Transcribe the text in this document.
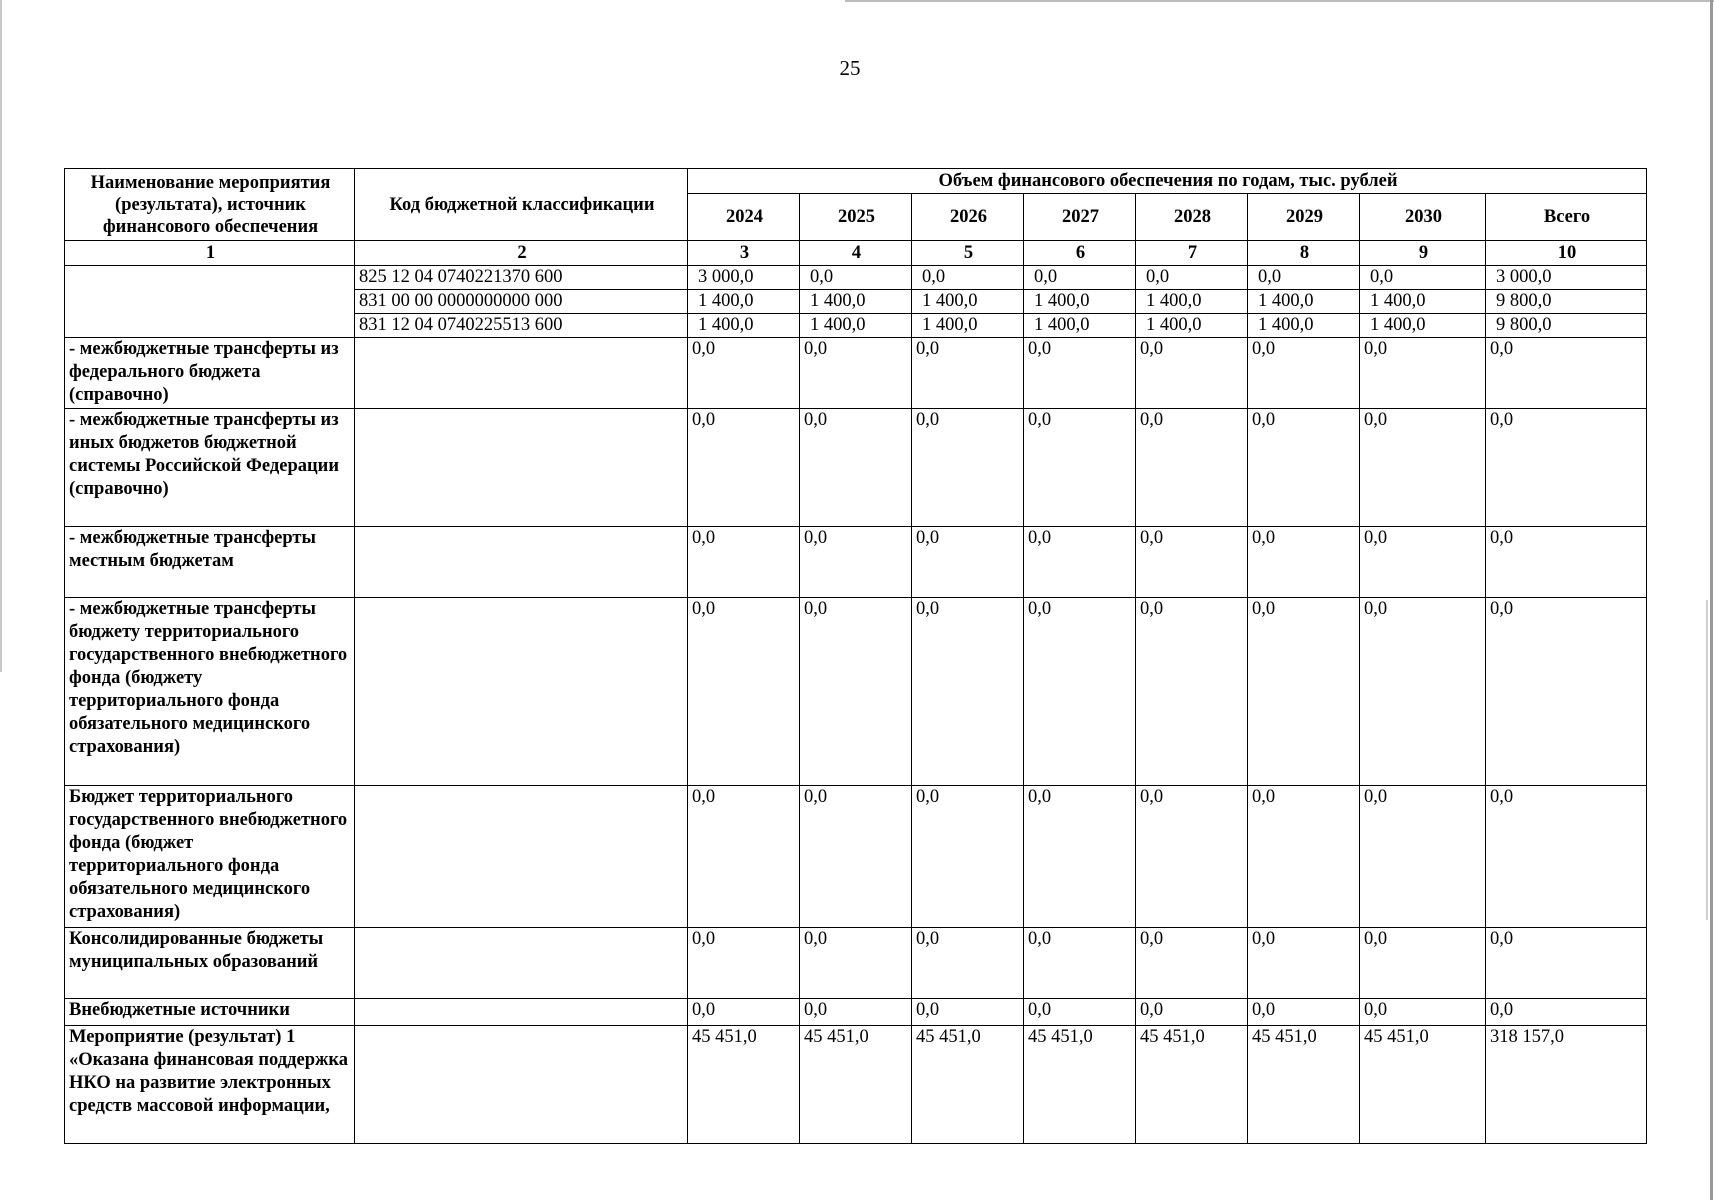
25
Наименование мероприятия (результата), источник финансового обеспечения	Код бюджетной классификации	Объем финансового обеспечения по годам, тыс. рублей							
		2024	2025	2026	2027	2028	2029	2030	Всего
1	2	3	4	5	6	7	8	9	10
	825 12 04 0740221370 600	3 000,0	0,0	0,0	0,0	0,0	0,0	0,0	3 000,0
	831 00 00 0000000000 000	1 400,0	1 400,0	1 400,0	1 400,0	1 400,0	1 400,0	1 400,0	9 800,0
	831 12 04 0740225513 600	1 400,0	1 400,0	1 400,0	1 400,0	1 400,0	1 400,0	1 400,0	9 800,0
- межбюджетные трансферты из федерального бюджета (справочно)		0,0	0,0	0,0	0,0	0,0	0,0	0,0	0,0
- межбюджетные трансферты из иных бюджетов бюджетной системы Российской Федерации (справочно)		0,0	0,0	0,0	0,0	0,0	0,0	0,0	0,0
- межбюджетные трансферты местным бюджетам		0,0	0,0	0,0	0,0	0,0	0,0	0,0	0,0
- межбюджетные трансферты бюджету территориального государственного внебюджетного фонда (бюджету территориального фонда обязательного медицинского страхования)		0,0	0,0	0,0	0,0	0,0	0,0	0,0	0,0
Бюджет территориального государственного внебюджетного фонда (бюджет территориального фонда обязательного медицинского страхования)		0,0	0,0	0,0	0,0	0,0	0,0	0,0	0,0
Консолидированные бюджеты муниципальных образований		0,0	0,0	0,0	0,0	0,0	0,0	0,0	0,0
Внебюджетные источники		0,0	0,0	0,0	0,0	0,0	0,0	0,0	0,0
Мероприятие (результат) 1 «Оказана финансовая поддержка НКО на развитие электронных средств массовой информации,		45 451,0	45 451,0	45 451,0	45 451,0	45 451,0	45 451,0	45 451,0	318 157,0
